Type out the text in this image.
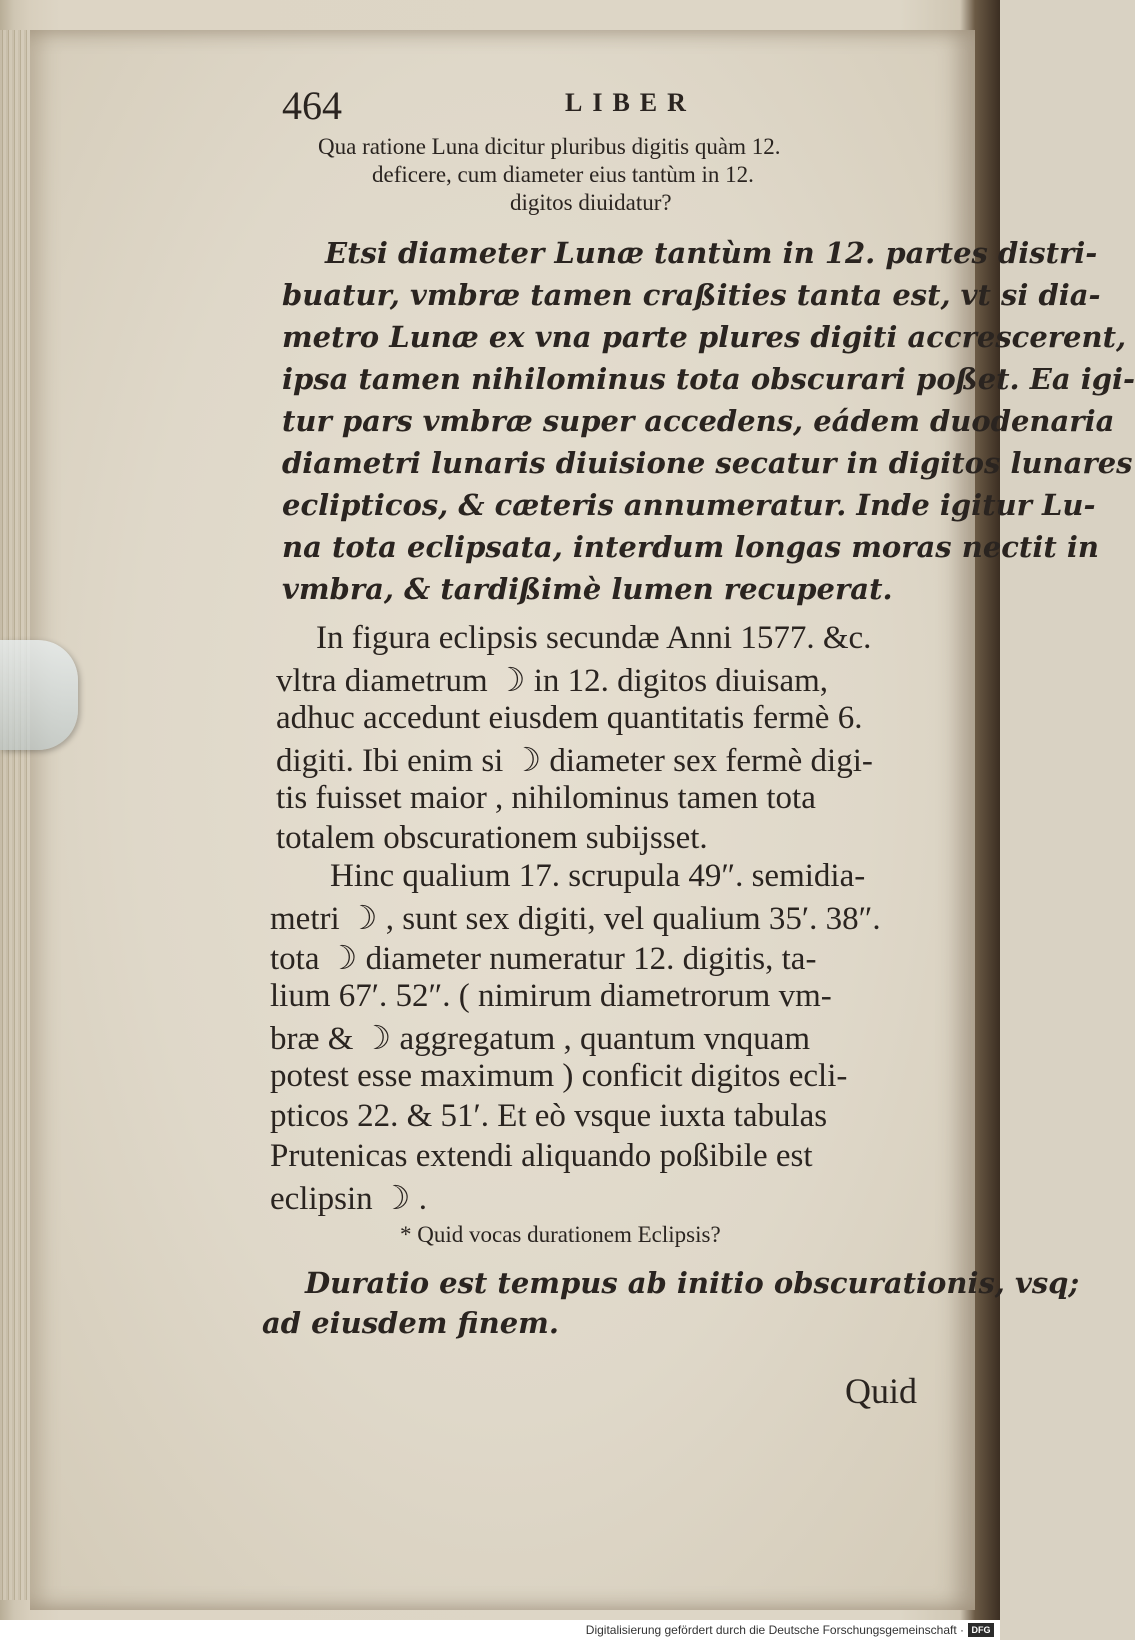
464	LIBER
Qua ratione Luna dicitur pluribus digitis quàm 12.
deficere, cum diameter eius tantùm in 12.
digitos diuidatur?
Etsi diameter Lunæ tantùm in 12. partes distri-
buatur, vmbræ tamen craßities tanta est, vt si dia-
metro Lunæ ex vna parte plures digiti accrescerent,
ipsa tamen nihilominus tota obscurari poßet. Ea igi-
tur pars vmbræ super accedens, eádem duodenaria
diametri lunaris diuisione secatur in digitos lunares
eclipticos, & cæteris annumeratur. Inde igitur Lu-
na tota eclipsata, interdum longas moras nectit in
vmbra, & tardißimè lumen recuperat.
In figura eclipsis secundæ Anni 1577. &c.
vltra diametrum ☽ in 12. digitos diuisam,
adhuc accedunt eiusdem quantitatis fermè 6.
digiti. Ibi enim si ☽ diameter sex fermè digi-
tis fuisset maior , nihilominus tamen tota
totalem obscurationem subijsset.
Hinc qualium 17. scrupula 49″. semidia-
metri ☽ , sunt sex digiti, vel qualium 35′. 38″.
tota ☽ diameter numeratur 12. digitis, ta-
lium 67′. 52″. ( nimirum diametrorum vm-
bræ & ☽ aggregatum , quantum vnquam
potest esse maximum ) conficit digitos ecli-
pticos 22. & 51′. Et eò vsque iuxta tabulas
Prutenicas extendi aliquando poßibile est
eclipsin ☽ .
* Quid vocas durationem Eclipsis?
Duratio est tempus ab initio obscurationis, vsq;
ad eiusdem finem.
Quid
Digitalisierung gefördert durch die Deutsche Forschungsgemeinschaft · DFG
